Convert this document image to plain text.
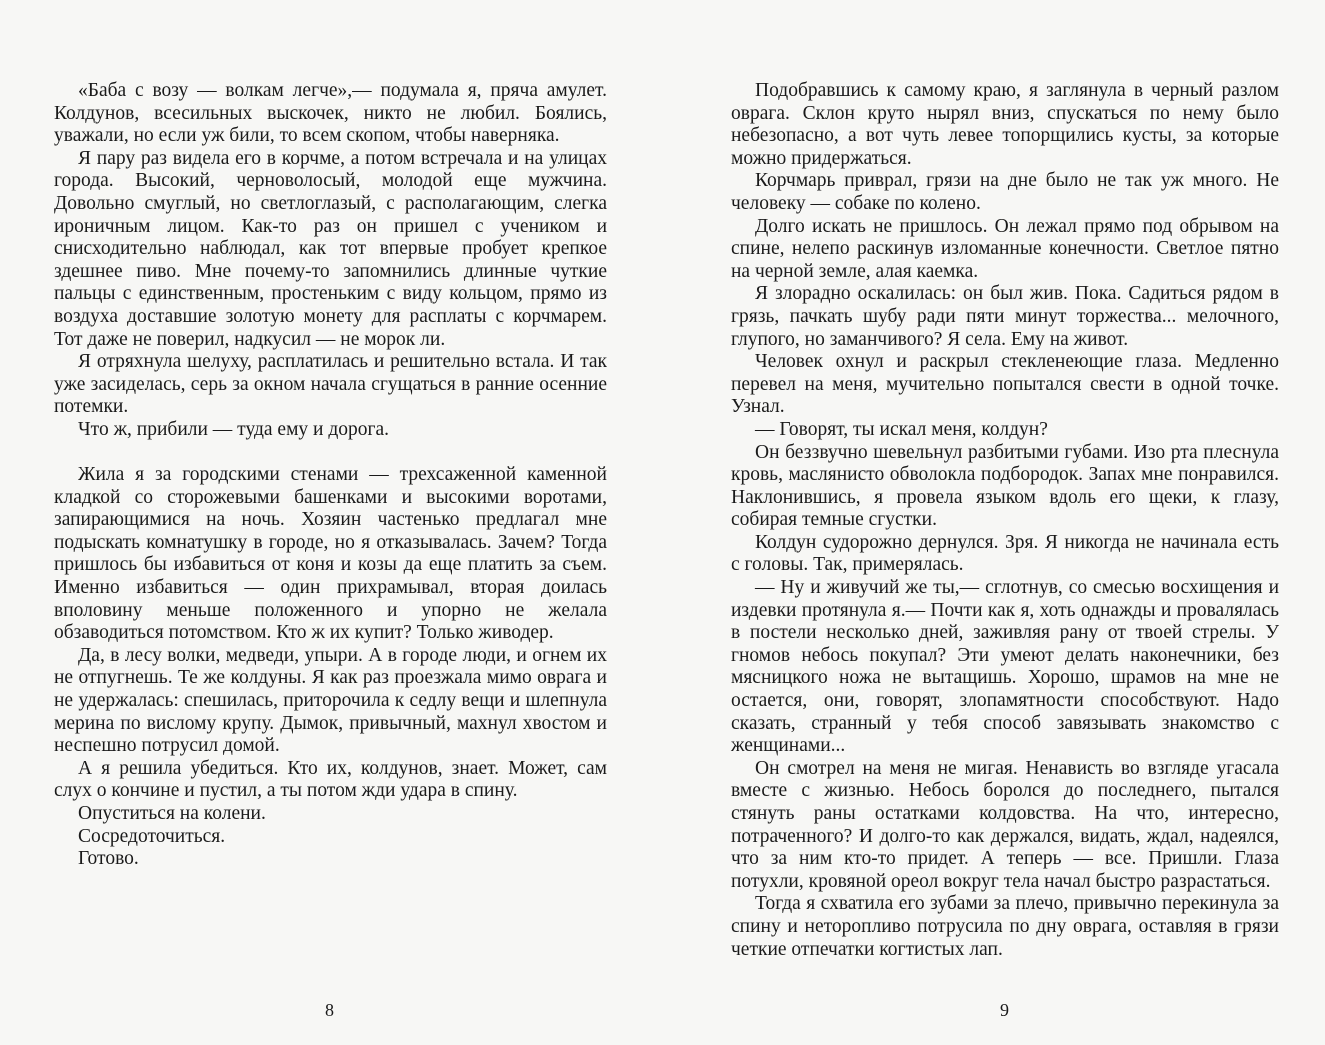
«Баба с возу — волкам легче»,— подумала я, пряча амулет. Колдунов, всесильных выскочек, никто не любил. Боялись, уважали, но если уж били, то всем скопом, чтобы наверняка.

Я пару раз видела его в корчме, а потом встречала и на улицах города. Высокий, черноволосый, молодой еще мужчина. Довольно смуглый, но светлоглазый, с располагающим, слегка ироничным лицом. Как-то раз он пришел с учеником и снисходительно наблюдал, как тот впервые пробует крепкое здешнее пиво. Мне почему-то запомнились длинные чуткие пальцы с единственным, простеньким с виду кольцом, прямо из воздуха доставшие золотую монету для расплаты с корчмарем. Тот даже не поверил, надкусил — не морок ли.

Я отряхнула шелуху, расплатилась и решительно встала. И так уже засиделась, серь за окном начала сгущаться в ранние осенние потемки.

Что ж, прибили — туда ему и дорога.

Жила я за городскими стенами — трехсаженной каменной кладкой со сторожевыми башенками и высокими воротами, запирающимися на ночь. Хозяин частенько предлагал мне подыскать комнатушку в городе, но я отказывалась. Зачем? Тогда пришлось бы избавиться от коня и козы да еще платить за съем. Именно избавиться — один прихрамывал, вторая доилась вполовину меньше положенного и упорно не желала обзаводиться потомством. Кто ж их купит? Только живодер.

Да, в лесу волки, медведи, упыри. А в городе люди, и огнем их не отпугнешь. Те же колдуны. Я как раз проезжала мимо оврага и не удержалась: спешилась, приторочила к седлу вещи и шлепнула мерина по вислому крупу. Дымок, привычный, махнул хвостом и неспешно потрусил домой.

А я решила убедиться. Кто их, колдунов, знает. Может, сам слух о кончине и пустил, а ты потом жди удара в спину.

Опуститься на колени.

Сосредоточиться.

Готово.

8

Подобравшись к самому краю, я заглянула в черный разлом оврага. Склон круто нырял вниз, спускаться по нему было небезопасно, а вот чуть левее топорщились кусты, за которые можно придержаться.

Корчмарь приврал, грязи на дне было не так уж много. Не человеку — собаке по колено.

Долго искать не пришлось. Он лежал прямо под обрывом на спине, нелепо раскинув изломанные конечности. Светлое пятно на черной земле, алая каемка.

Я злорадно оскалилась: он был жив. Пока. Садиться рядом в грязь, пачкать шубу ради пяти минут торжества... мелочного, глупого, но заманчивого? Я села. Ему на живот.

Человек охнул и раскрыл стекленеющие глаза. Медленно перевел на меня, мучительно попытался свести в одной точке. Узнал.

— Говорят, ты искал меня, колдун?

Он беззвучно шевельнул разбитыми губами. Изо рта плеснула кровь, маслянисто обволокла подбородок. Запах мне понравился. Наклонившись, я провела языком вдоль его щеки, к глазу, собирая темные сгустки.

Колдун судорожно дернулся. Зря. Я никогда не начинала есть с головы. Так, примерялась.

— Ну и живучий же ты,— сглотнув, со смесью восхищения и издевки протянула я.— Почти как я, хоть однажды и провалялась в постели несколько дней, заживляя рану от твоей стрелы. У гномов небось покупал? Эти умеют делать наконечники, без мясницкого ножа не вытащишь. Хорошо, шрамов на мне не остается, они, говорят, злопамятности способствуют. Надо сказать, странный у тебя способ завязывать знакомство с женщинами...

Он смотрел на меня не мигая. Ненависть во взгляде угасала вместе с жизнью. Небось боролся до последнего, пытался стянуть раны остатками колдовства. На что, интересно, потраченного? И долго-то как держался, видать, ждал, надеялся, что за ним кто-то придет. А теперь — все. Пришли. Глаза потухли, кровяной ореол вокруг тела начал быстро разрастаться.

Тогда я схватила его зубами за плечо, привычно перекинула за спину и неторопливо потрусила по дну оврага, оставляя в грязи четкие отпечатки когтистых лап.

9
